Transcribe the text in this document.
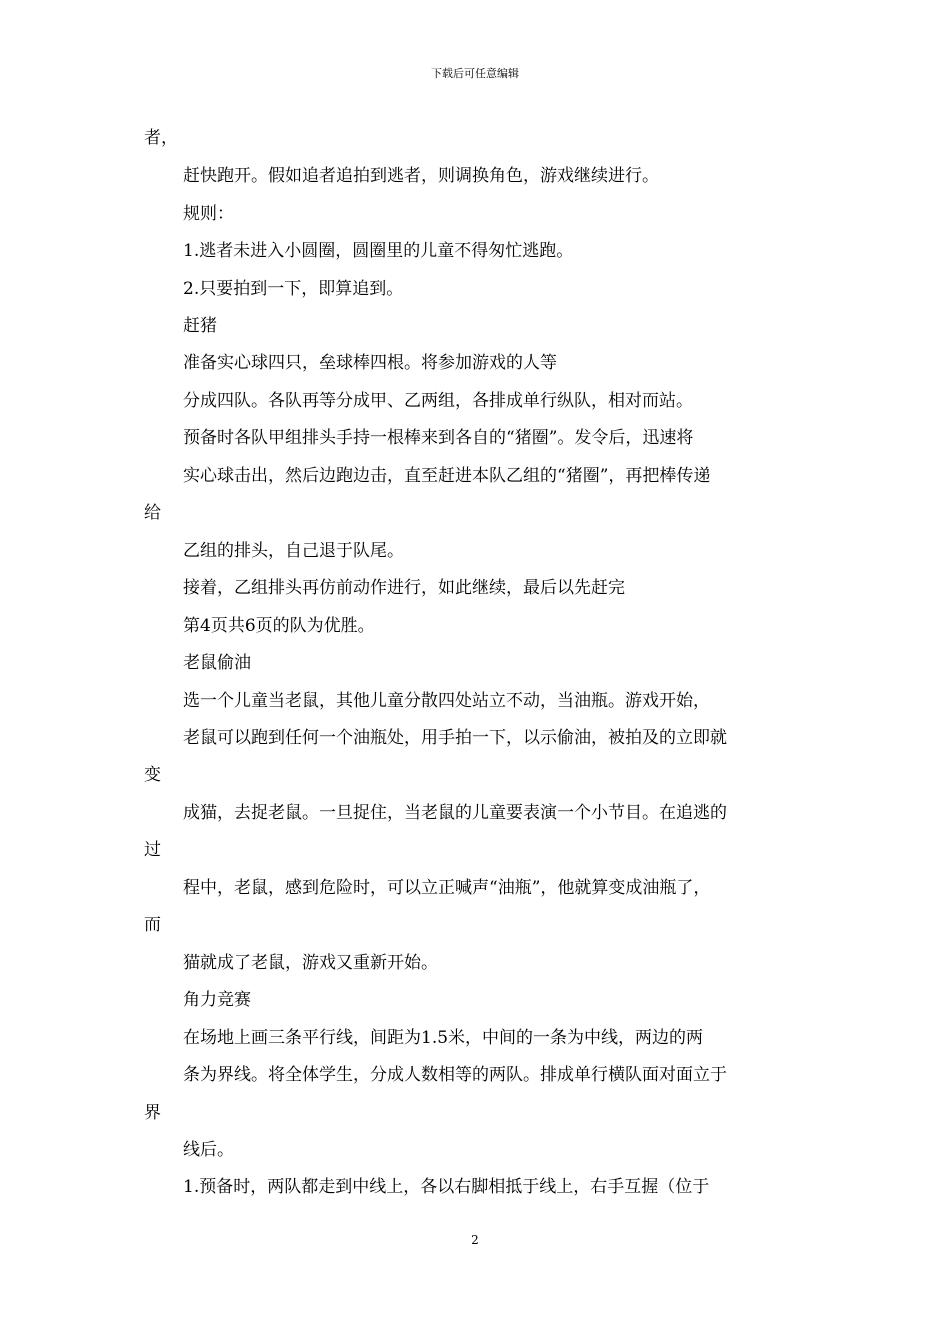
下载后可任意编辑
者，
赶快跑开。假如追者追拍到逃者，则调换角色，游戏继续进行。
规则：
1.逃者未进入小圆圈，圆圈里的儿童不得匆忙逃跑。
2.只要拍到一下，即算追到。
赶猪
准备实心球四只，垒球棒四根。将参加游戏的人等
分成四队。各队再等分成甲、乙两组，各排成单行纵队，相对而站。
预备时各队甲组排头手持一根棒来到各自的“猪圈”。发令后，迅速将
实心球击出，然后边跑边击，直至赶进本队乙组的“猪圈”，再把棒传递
给
乙组的排头，自己退于队尾。
接着，乙组排头再仿前动作进行，如此继续，最后以先赶完
第4页共6页的队为优胜。
老鼠偷油
选一个儿童当老鼠，其他儿童分散四处站立不动，当油瓶。游戏开始，
老鼠可以跑到任何一个油瓶处，用手拍一下，以示偷油，被拍及的立即就
变
成猫，去捉老鼠。一旦捉住，当老鼠的儿童要表演一个小节目。在追逃的
过
程中，老鼠，感到危险时，可以立正喊声“油瓶”，他就算变成油瓶了，
而
猫就成了老鼠，游戏又重新开始。
角力竞赛
在场地上画三条平行线，间距为1.5米，中间的一条为中线，两边的两
条为界线。将全体学生，分成人数相等的两队。排成单行横队面对面立于
界
线后。
1.预备时，两队都走到中线上，各以右脚相抵于线上，右手互握（位于
2
